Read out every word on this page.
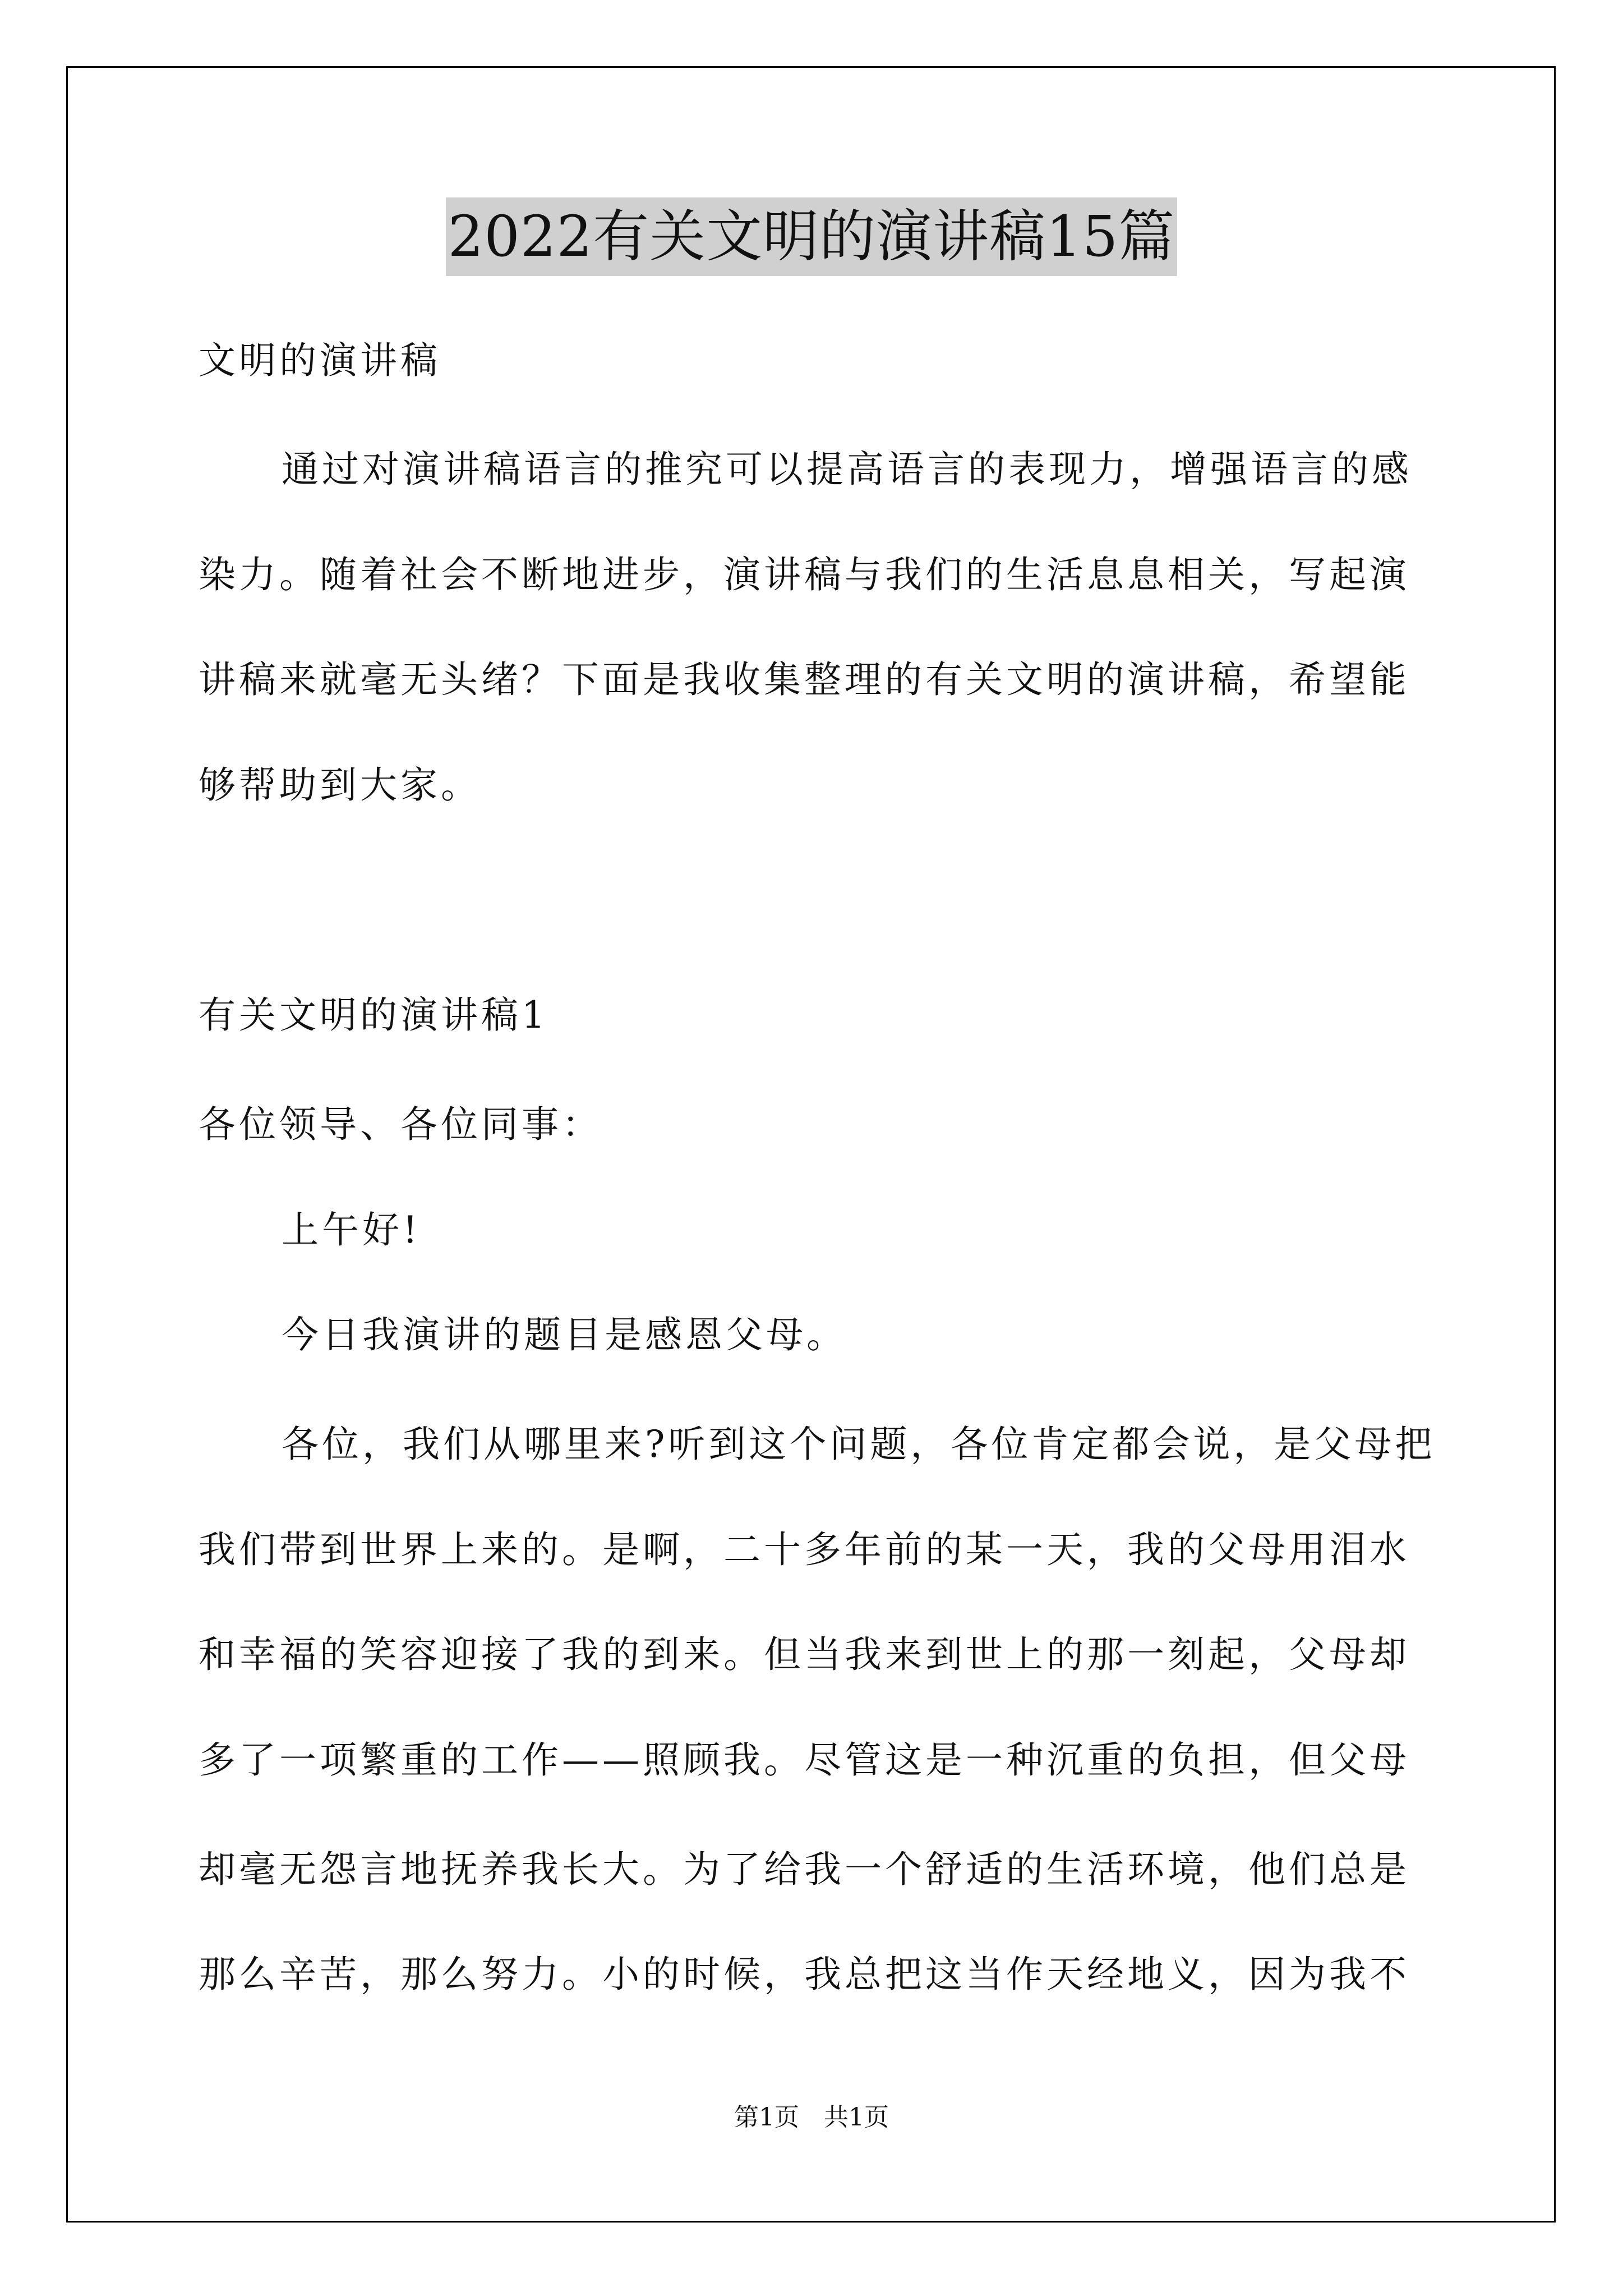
2022有关文明的演讲稿15篇
文明的演讲稿
通过对演讲稿语言的推究可以提高语言的表现力，增强语言的感
染力。随着社会不断地进步，演讲稿与我们的生活息息相关，写起演
讲稿来就毫无头绪？下面是我收集整理的有关文明的演讲稿，希望能
够帮助到大家。
有关文明的演讲稿1
各位领导、各位同事：
上午好!
今日我演讲的题目是感恩父母。
各位，我们从哪里来?听到这个问题，各位肯定都会说，是父母把
我们带到世界上来的。是啊，二十多年前的某一天，我的父母用泪水
和幸福的笑容迎接了我的到来。但当我来到世上的那一刻起，父母却
多了一项繁重的工作——照顾我。尽管这是一种沉重的负担，但父母
却毫无怨言地抚养我长大。为了给我一个舒适的生活环境，他们总是
那么辛苦，那么努力。小的时候，我总把这当作天经地义，因为我不
第1页　共1页
